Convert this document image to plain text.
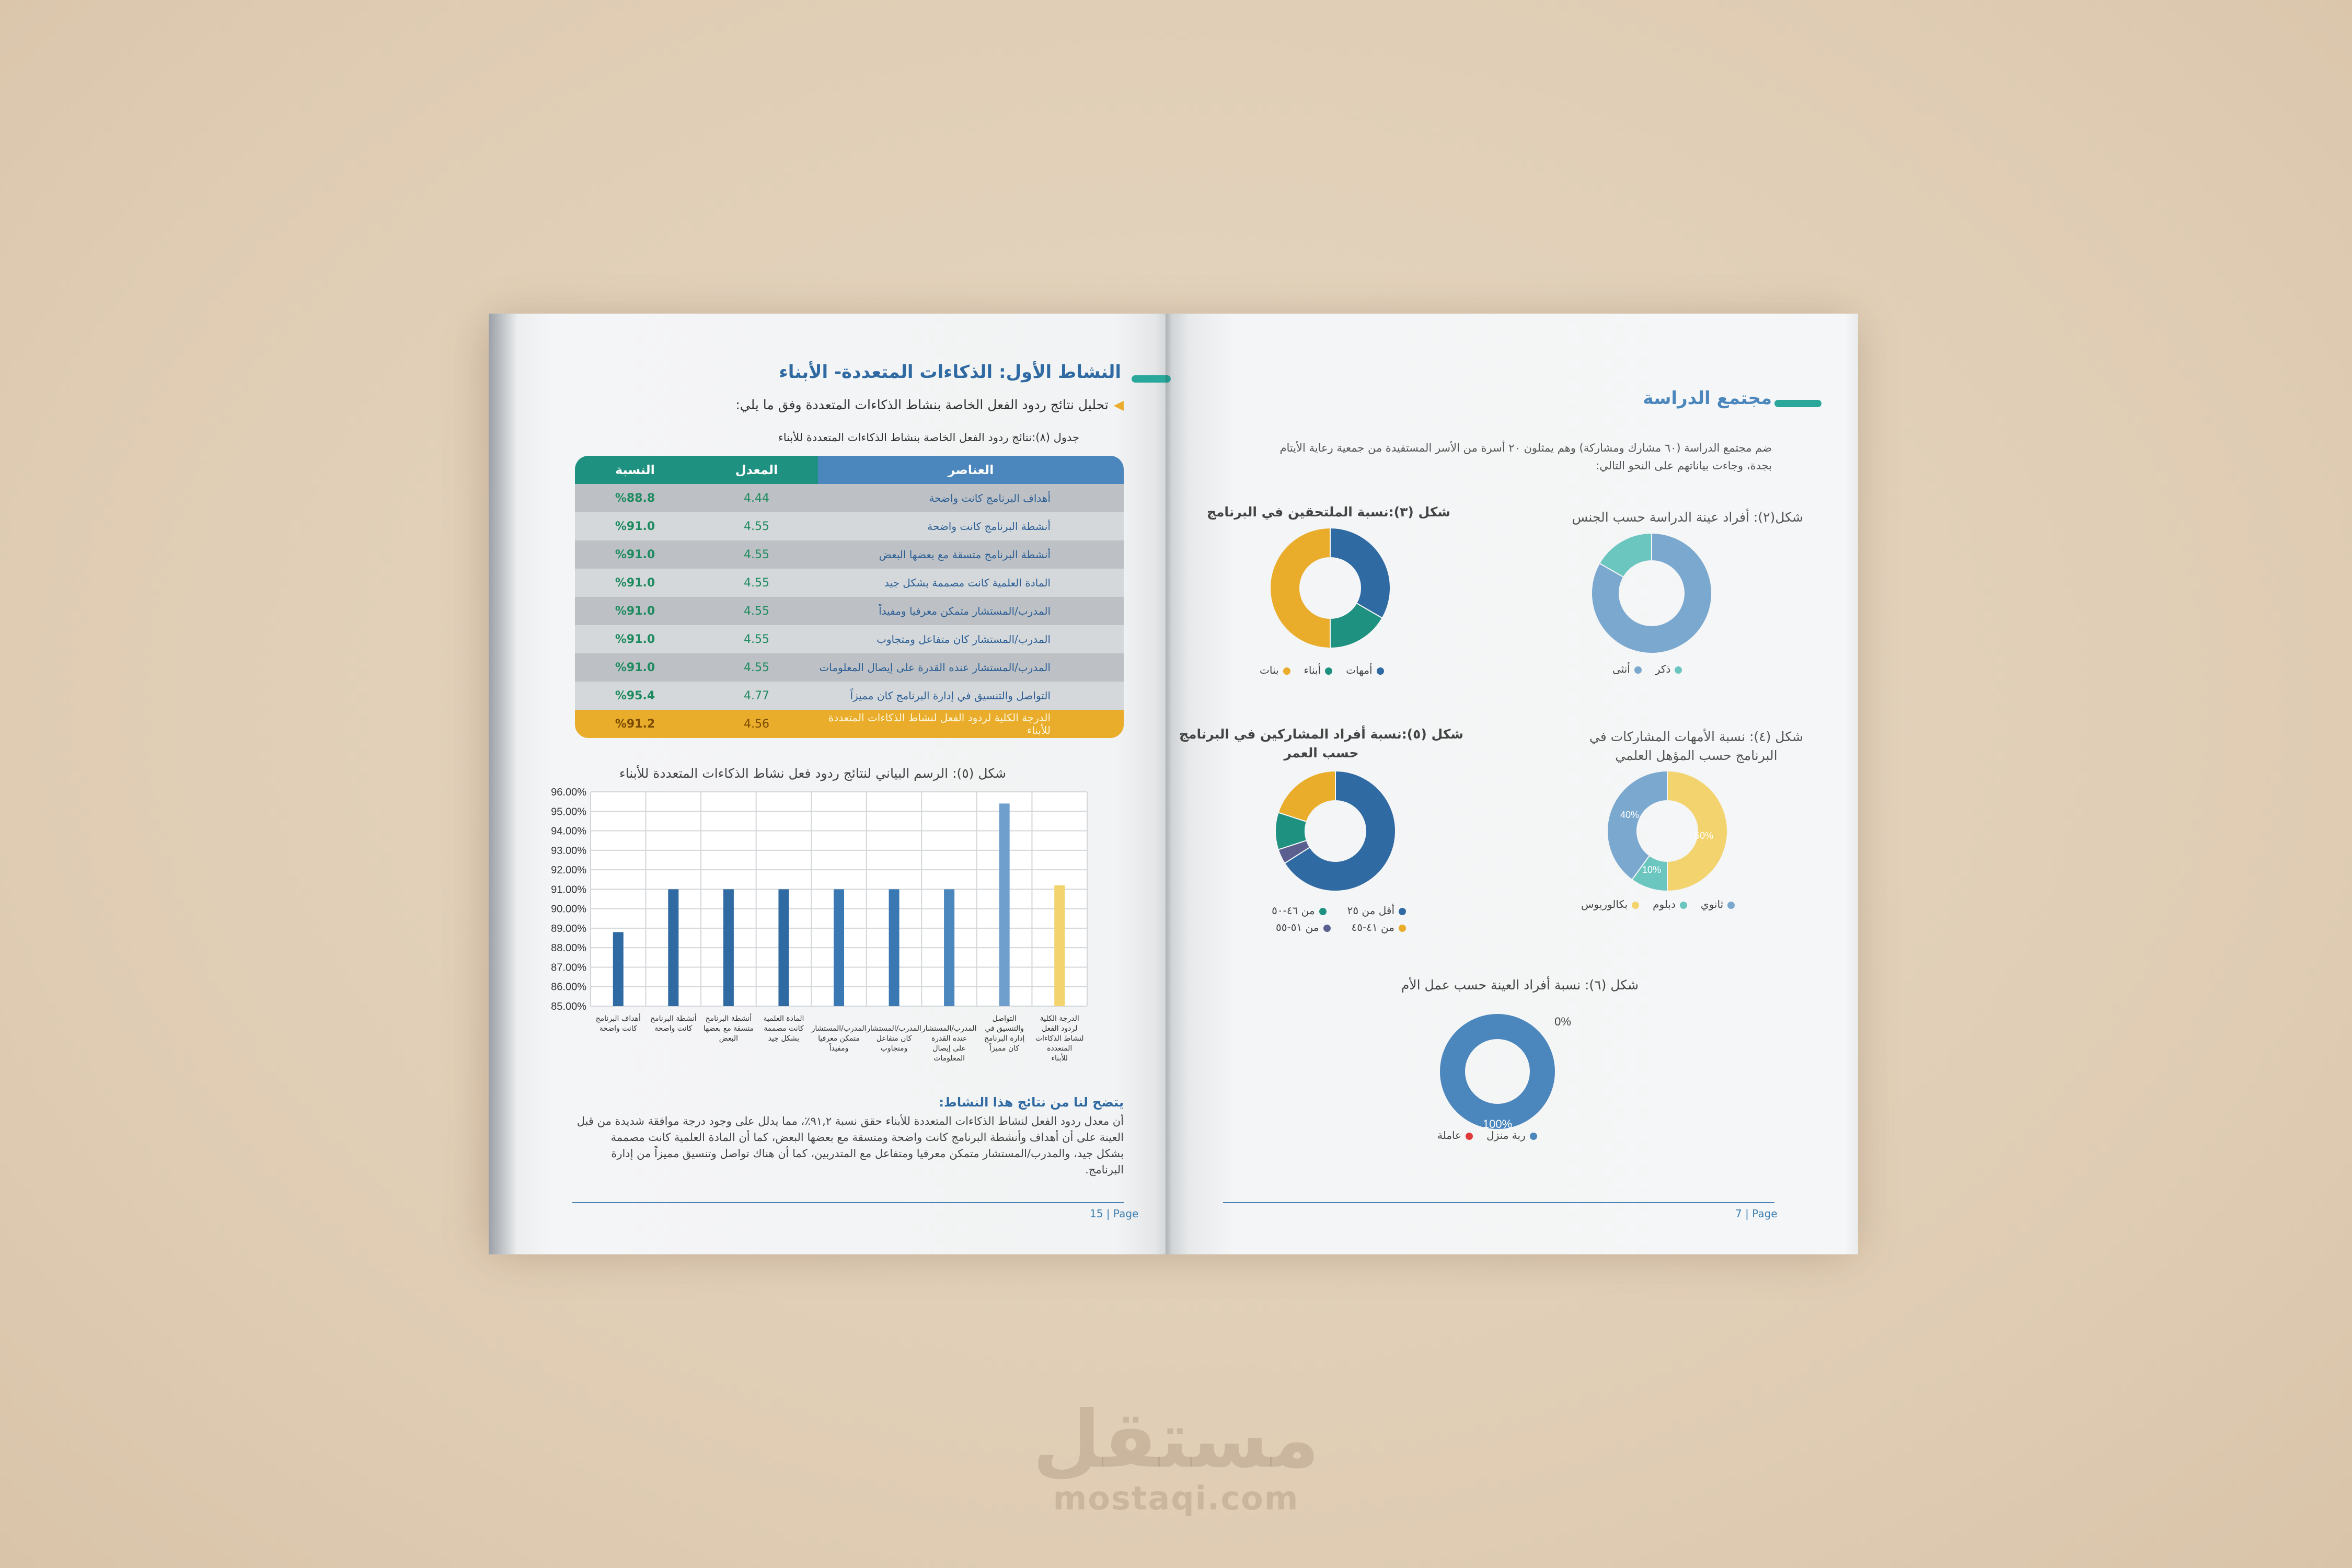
النشاط الأول: الذكاءات المتعددة- الأبناء
◀تحليل نتائج ردود الفعل الخاصة بنشاط الذكاءات المتعددة وفق ما يلي:
جدول (٨):نتائج ردود الفعل الخاصة بنشاط الذكاءات المتعددة للأبناء
شكل (٥): الرسم البياني لنتائج ردود فعل نشاط الذكاءات المتعددة للأبناء
96.00%
95.00%
94.00%
93.00%
92.00%
91.00%
90.00%
89.00%
88.00%
87.00%
86.00%
85.00%
أهداف البرنامج
كانت واضحة
أنشطة البرنامج
كانت واضحة
أنشطة البرنامج
متسقة مع بعضها
البعض
المادة العلمية
كانت مصممة
بشكل جيد
المدرب/المستشار
متمكن معرفيا
ومفيداً
المدرب/المستشار
كان متفاعل
ومتجاوب
المدرب/المستشار
عنده القدرة
على إيصال
المعلومات
التواصل
والتنسيق في
إدارة البرنامج
كان مميزاً
الدرجة الكلية
لردود الفعل
لنشاط الذكاءات
المتعددة
للأبناء
يتضح لنا من نتائج هذا النشاط:
أن معدل ردود الفعل لنشاط الذكاءات المتعددة للأبناء حقق نسبة ٩١,٢٪، مما يدلل على وجود درجة موافقة شديدة من قبل
العينة على أن أهداف وأنشطة البرنامج كانت واضحة ومتسقة مع بعضها البعض، كما أن المادة العلمية كانت مصممة
بشكل جيد، والمدرب/المستشار متمكن معرفيا ومتفاعل مع المتدربين، كما أن هناك تواصل وتنسيق مميزاً من إدارة
البرنامج.
15 | Page
النسبة	المعدل	العناصر
%88.8	4.44	أهداف البرنامج كانت واضحة
%91.0	4.55	أنشطة البرنامج كانت واضحة
%91.0	4.55	أنشطة البرنامج متسقة مع بعضها البعض
%91.0	4.55	المادة العلمية كانت مصممة بشكل جيد
%91.0	4.55	المدرب/المستشار متمكن معرفيا ومفيداً
%91.0	4.55	المدرب/المستشار كان متفاعل ومتجاوب
%91.0	4.55	المدرب/المستشار عنده القدرة على إيصال المعلومات
%95.4	4.77	التواصل والتنسيق في إدارة البرنامج كان مميزاً
%91.2	4.56	الدرجة الكلية لردود الفعل لنشاط الذكاءات المتعددة للأبناء
مجتمع الدراسة
ضم مجتمع الدراسة (٦٠ مشارك ومشاركة) وهم يمثلون ٢٠ أسرة من الأسر المستفيدة من جمعية رعاية الأيتام
بجدة، وجاءت بياناتهم على النحو التالي:
شكل(٢): أفراد عينة الدراسة حسب الجنس
ذكر
أنثى
شكل (٣):نسبة الملتحقين في البرنامج
أمهات
أبناء
بنات
شكل (٤): نسبة الأمهات المشاركات في
البرنامج حسب المؤهل العلمي
40%
50%
10%
ثانوي
دبلوم
بكالوريوس
شكل (٥):نسبة أفراد المشاركين في البرنامج
حسب العمر
أقل من ٢٥
من ٤٦-٥٠
من ٤١-٤٥
من ٥١-٥٥
شكل (٦): نسبة أفراد العينة حسب عمل الأم
100%
0%
ربة منزل
عاملة
7 | Page
مستقل
mostaqi.com
